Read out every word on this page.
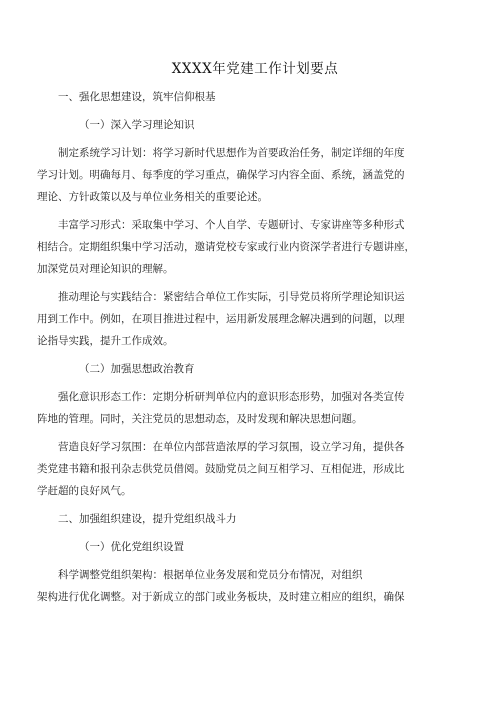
XXXX年党建工作计划要点
一、强化思想建设，筑牢信仰根基
（一）深入学习理论知识
制定系统学习计划：将学习新时代思想作为首要政治任务，制定详细的年度
学习计划。明确每月、每季度的学习重点，确保学习内容全面、系统，涵盖党的
理论、方针政策以及与单位业务相关的重要论述。
丰富学习形式：采取集中学习、个人自学、专题研讨、专家讲座等多种形式
相结合。定期组织集中学习活动，邀请党校专家或行业内资深学者进行专题讲座，
加深党员对理论知识的理解。
推动理论与实践结合：紧密结合单位工作实际，引导党员将所学理论知识运
用到工作中。例如，在项目推进过程中，运用新发展理念解决遇到的问题，以理
论指导实践，提升工作成效。
（二）加强思想政治教育
强化意识形态工作：定期分析研判单位内的意识形态形势，加强对各类宣传
阵地的管理。同时，关注党员的思想动态，及时发现和解决思想问题。
营造良好学习氛围：在单位内部营造浓厚的学习氛围，设立学习角，提供各
类党建书籍和报刊杂志供党员借阅。鼓励党员之间互相学习、互相促进，形成比
学赶超的良好风气。
二、加强组织建设，提升党组织战斗力
（一）优化党组织设置
科学调整党组织架构：根据单位业务发展和党员分布情况，对组织
架构进行优化调整。对于新成立的部门或业务板块，及时建立相应的组织，确保
